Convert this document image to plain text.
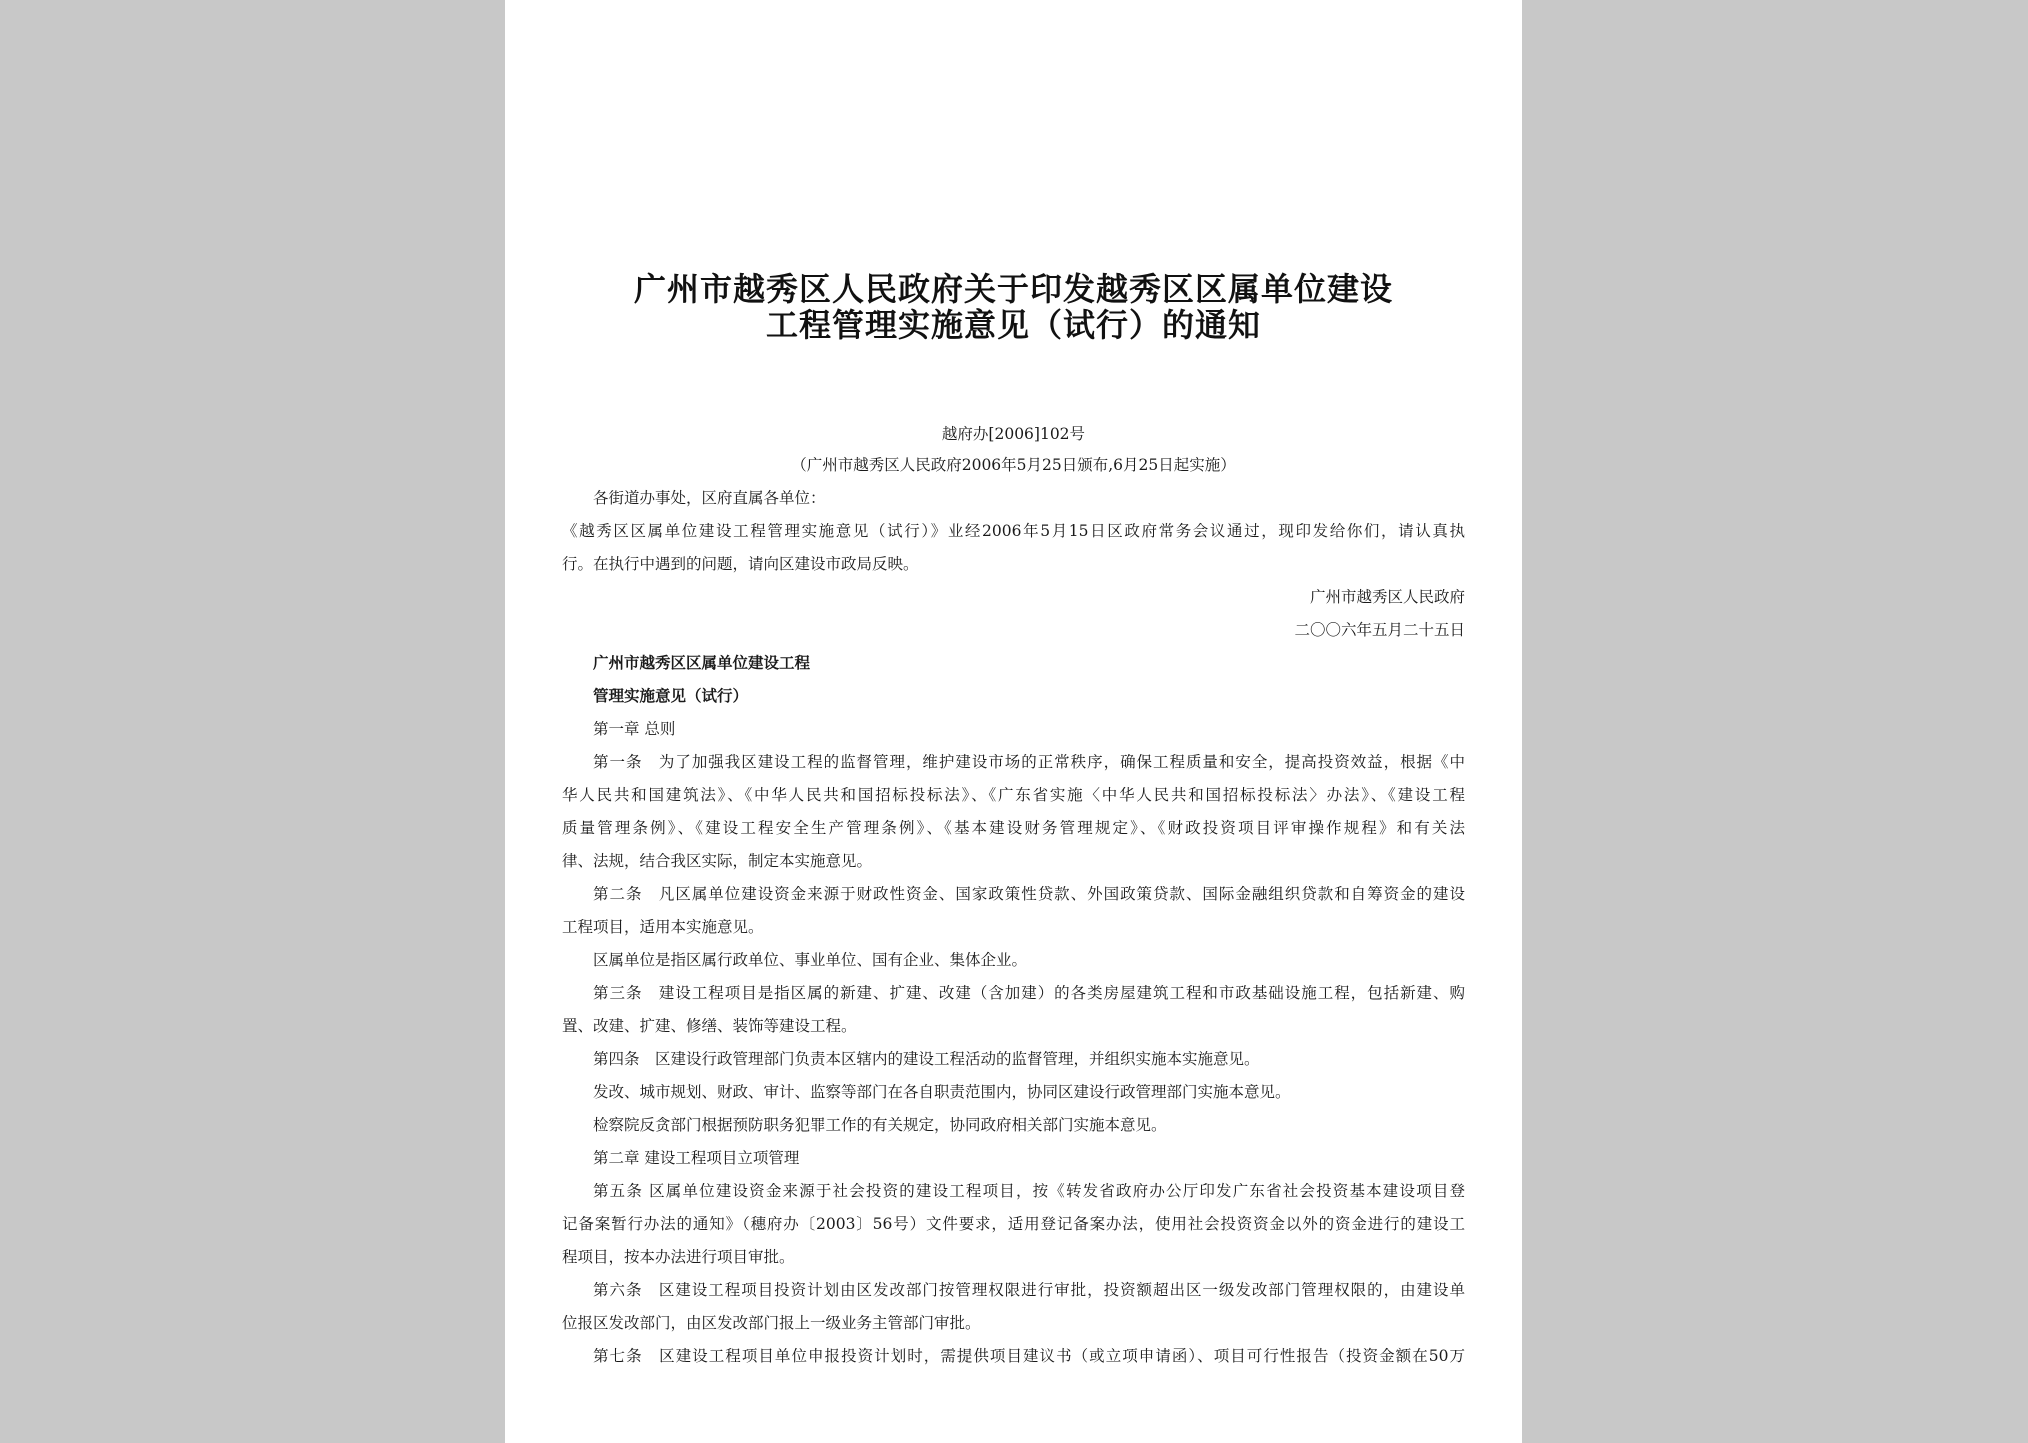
广州市越秀区人民政府关于印发越秀区区属单位建设
工程管理实施意见（试行）的通知
越府办[2006]102号
（广州市越秀区人民政府2006年5月25日颁布,6月25日起实施）
各街道办事处，区府直属各单位：
《越秀区区属单位建设工程管理实施意见（试行）》业经2006年5月15日区政府常务会议通过，现印发给你们，请认真执
行。在执行中遇到的问题，请向区建设市政局反映。
广州市越秀区人民政府
二〇〇六年五月二十五日
广州市越秀区区属单位建设工程
管理实施意见（试行）
第一章 总则
第一条　为了加强我区建设工程的监督管理，维护建设市场的正常秩序，确保工程质量和安全，提高投资效益，根据《中
华人民共和国建筑法》、《中华人民共和国招标投标法》、《广东省实施〈中华人民共和国招标投标法〉办法》、《建设工程
质量管理条例》、《建设工程安全生产管理条例》、《基本建设财务管理规定》、《财政投资项目评审操作规程》和有关法
律、法规，结合我区实际，制定本实施意见。
第二条　凡区属单位建设资金来源于财政性资金、国家政策性贷款、外国政策贷款、国际金融组织贷款和自筹资金的建设
工程项目，适用本实施意见。
区属单位是指区属行政单位、事业单位、国有企业、集体企业。
第三条　建设工程项目是指区属的新建、扩建、改建（含加建）的各类房屋建筑工程和市政基础设施工程，包括新建、购
置、改建、扩建、修缮、装饰等建设工程。
第四条　区建设行政管理部门负责本区辖内的建设工程活动的监督管理，并组织实施本实施意见。
发改、城市规划、财政、审计、监察等部门在各自职责范围内，协同区建设行政管理部门实施本意见。
检察院反贪部门根据预防职务犯罪工作的有关规定，协同政府相关部门实施本意见。
第二章 建设工程项目立项管理
第五条 区属单位建设资金来源于社会投资的建设工程项目，按《转发省政府办公厅印发广东省社会投资基本建设项目登
记备案暂行办法的通知》（穗府办〔2003〕56号）文件要求，适用登记备案办法，使用社会投资资金以外的资金进行的建设工
程项目，按本办法进行项目审批。
第六条　区建设工程项目投资计划由区发改部门按管理权限进行审批，投资额超出区一级发改部门管理权限的，由建设单
位报区发改部门，由区发改部门报上一级业务主管部门审批。
第七条　区建设工程项目单位申报投资计划时，需提供项目建议书（或立项申请函）、项目可行性报告（投资金额在50万
